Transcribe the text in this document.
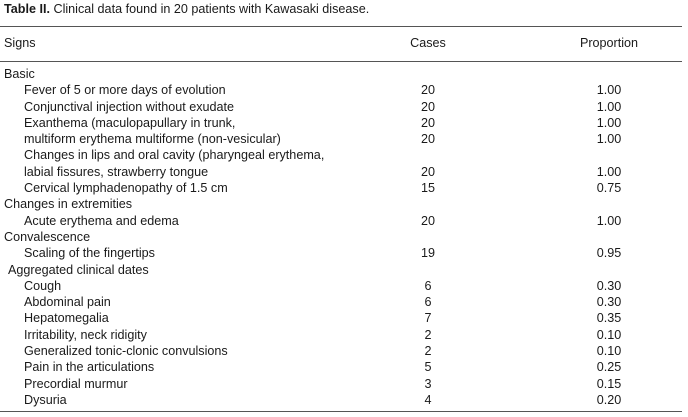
Table II. Clinical data found in 20 patients with Kawasaki disease.
Signs	Cases	Proportion
Basic
Fever of 5 or more days of evolution	20	1.00
Conjunctival injection without exudate	20	1.00
Exanthema (maculopapullary in trunk,	20	1.00
multiform erythema multiforme (non-vesicular)	20	1.00
Changes in lips and oral cavity (pharyngeal erythema,
labial fissures, strawberry tongue	20	1.00
Cervical lymphadenopathy of 1.5 cm	15	0.75
Changes in extremities
Acute erythema and edema	20	1.00
Convalescence
Scaling of the fingertips	19	0.95
Aggregated clinical dates
Cough	6	0.30
Abdominal pain	6	0.30
Hepatomegalia	7	0.35
Irritability, neck ridigity	2	0.10
Generalized tonic-clonic convulsions	2	0.10
Pain in the articulations	5	0.25
Precordial murmur	3	0.15
Dysuria	4	0.20
